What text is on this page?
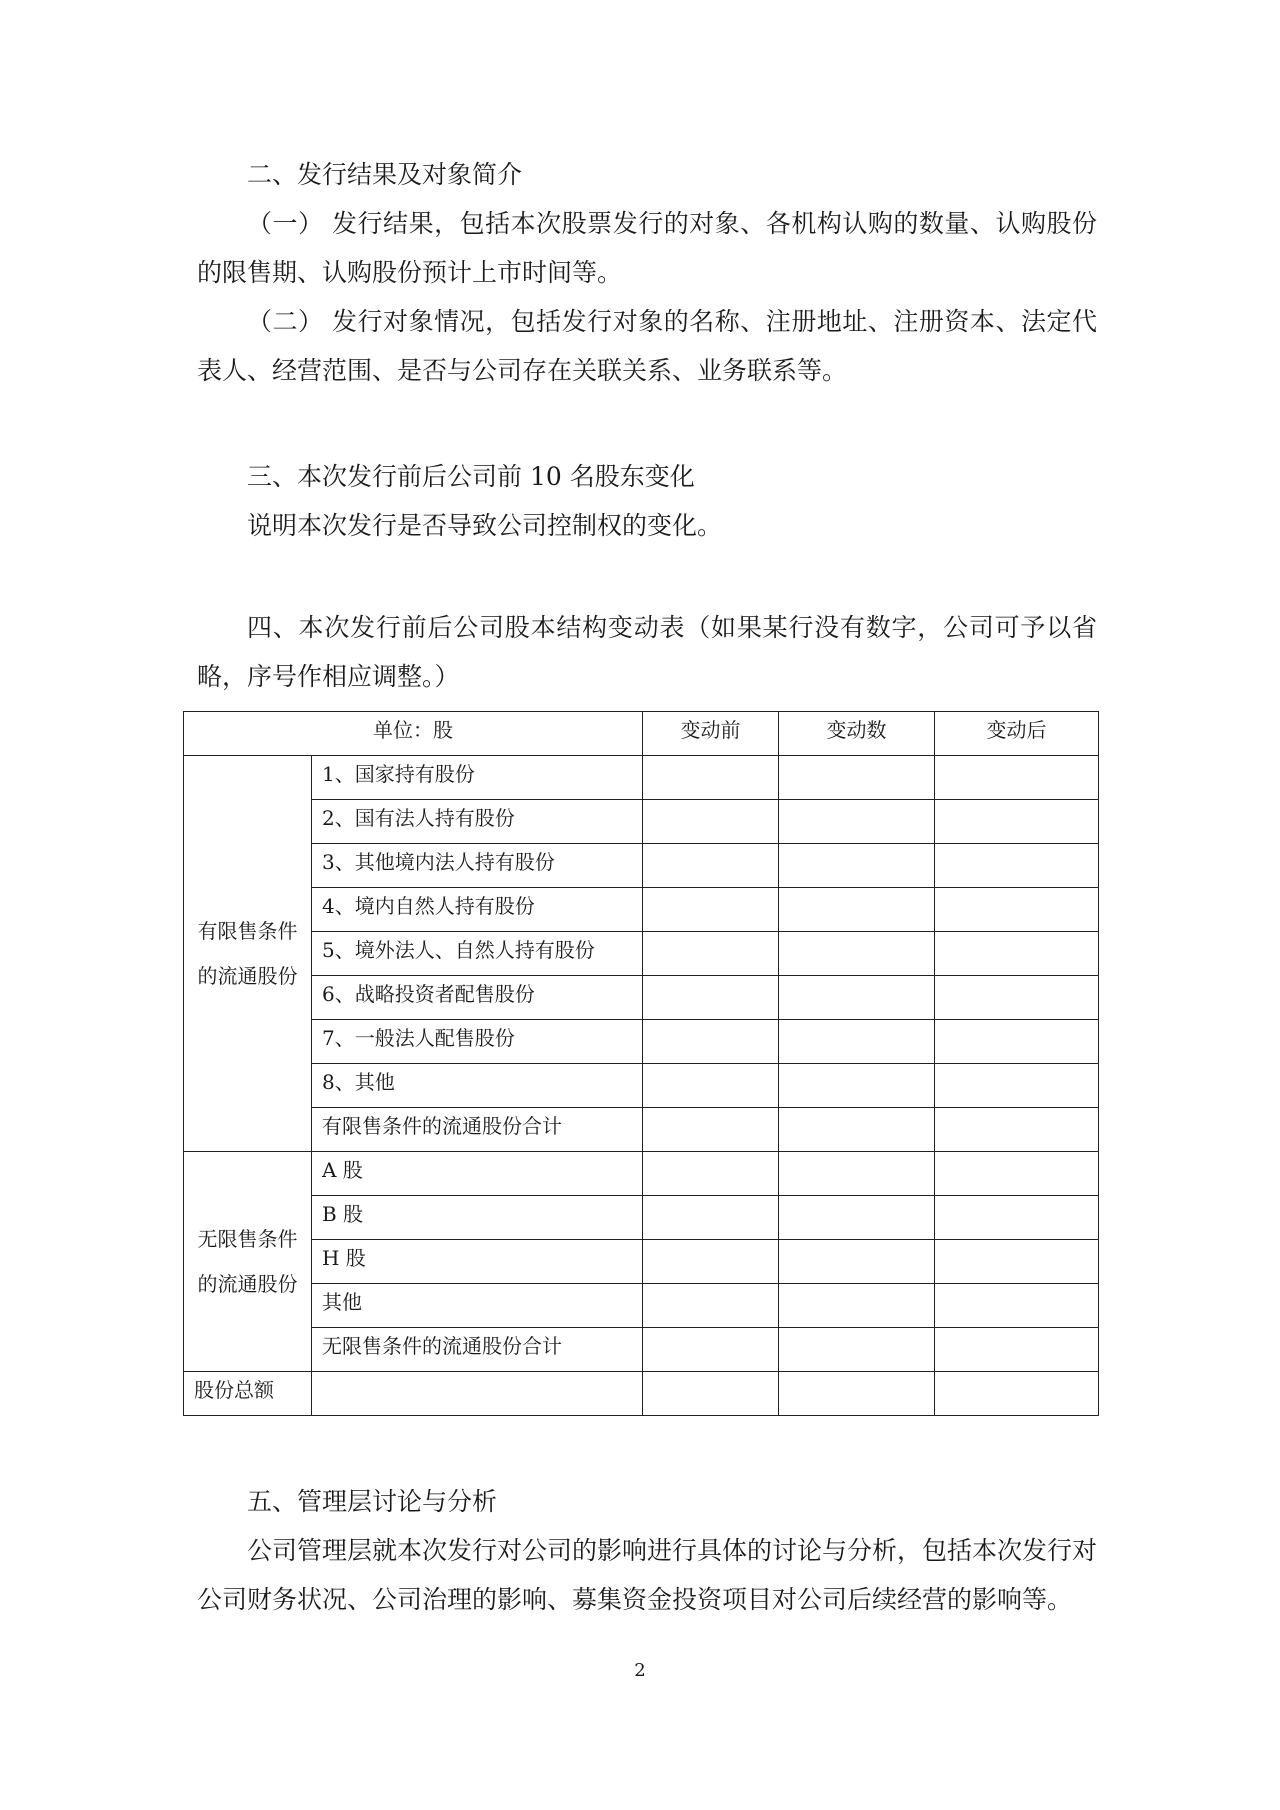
二、发行结果及对象简介

（一） 发行结果，包括本次股票发行的对象、各机构认购的数量、认购股份的限售期、认购股份预计上市时间等。

（二） 发行对象情况，包括发行对象的名称、注册地址、注册资本、法定代表人、经营范围、是否与公司存在关联关系、业务联系等。

三、本次发行前后公司前 10 名股东变化

说明本次发行是否导致公司控制权的变化。

四、本次发行前后公司股本结构变动表（如果某行没有数字，公司可予以省略，序号作相应调整。）

单位：股		变动前	变动数	变动后
有限售条件的流通股份	1、国家持有股份			
	2、国有法人持有股份			
	3、其他境内法人持有股份			
	4、境内自然人持有股份			
	5、境外法人、自然人持有股份			
	6、战略投资者配售股份			
	7、一般法人配售股份			
	8、其他			
	有限售条件的流通股份合计			
无限售条件的流通股份	A 股			
	B 股			
	H 股			
	其他			
	无限售条件的流通股份合计			
股份总额				

五、管理层讨论与分析

公司管理层就本次发行对公司的影响进行具体的讨论与分析，包括本次发行对公司财务状况、公司治理的影响、募集资金投资项目对公司后续经营的影响等。

2
